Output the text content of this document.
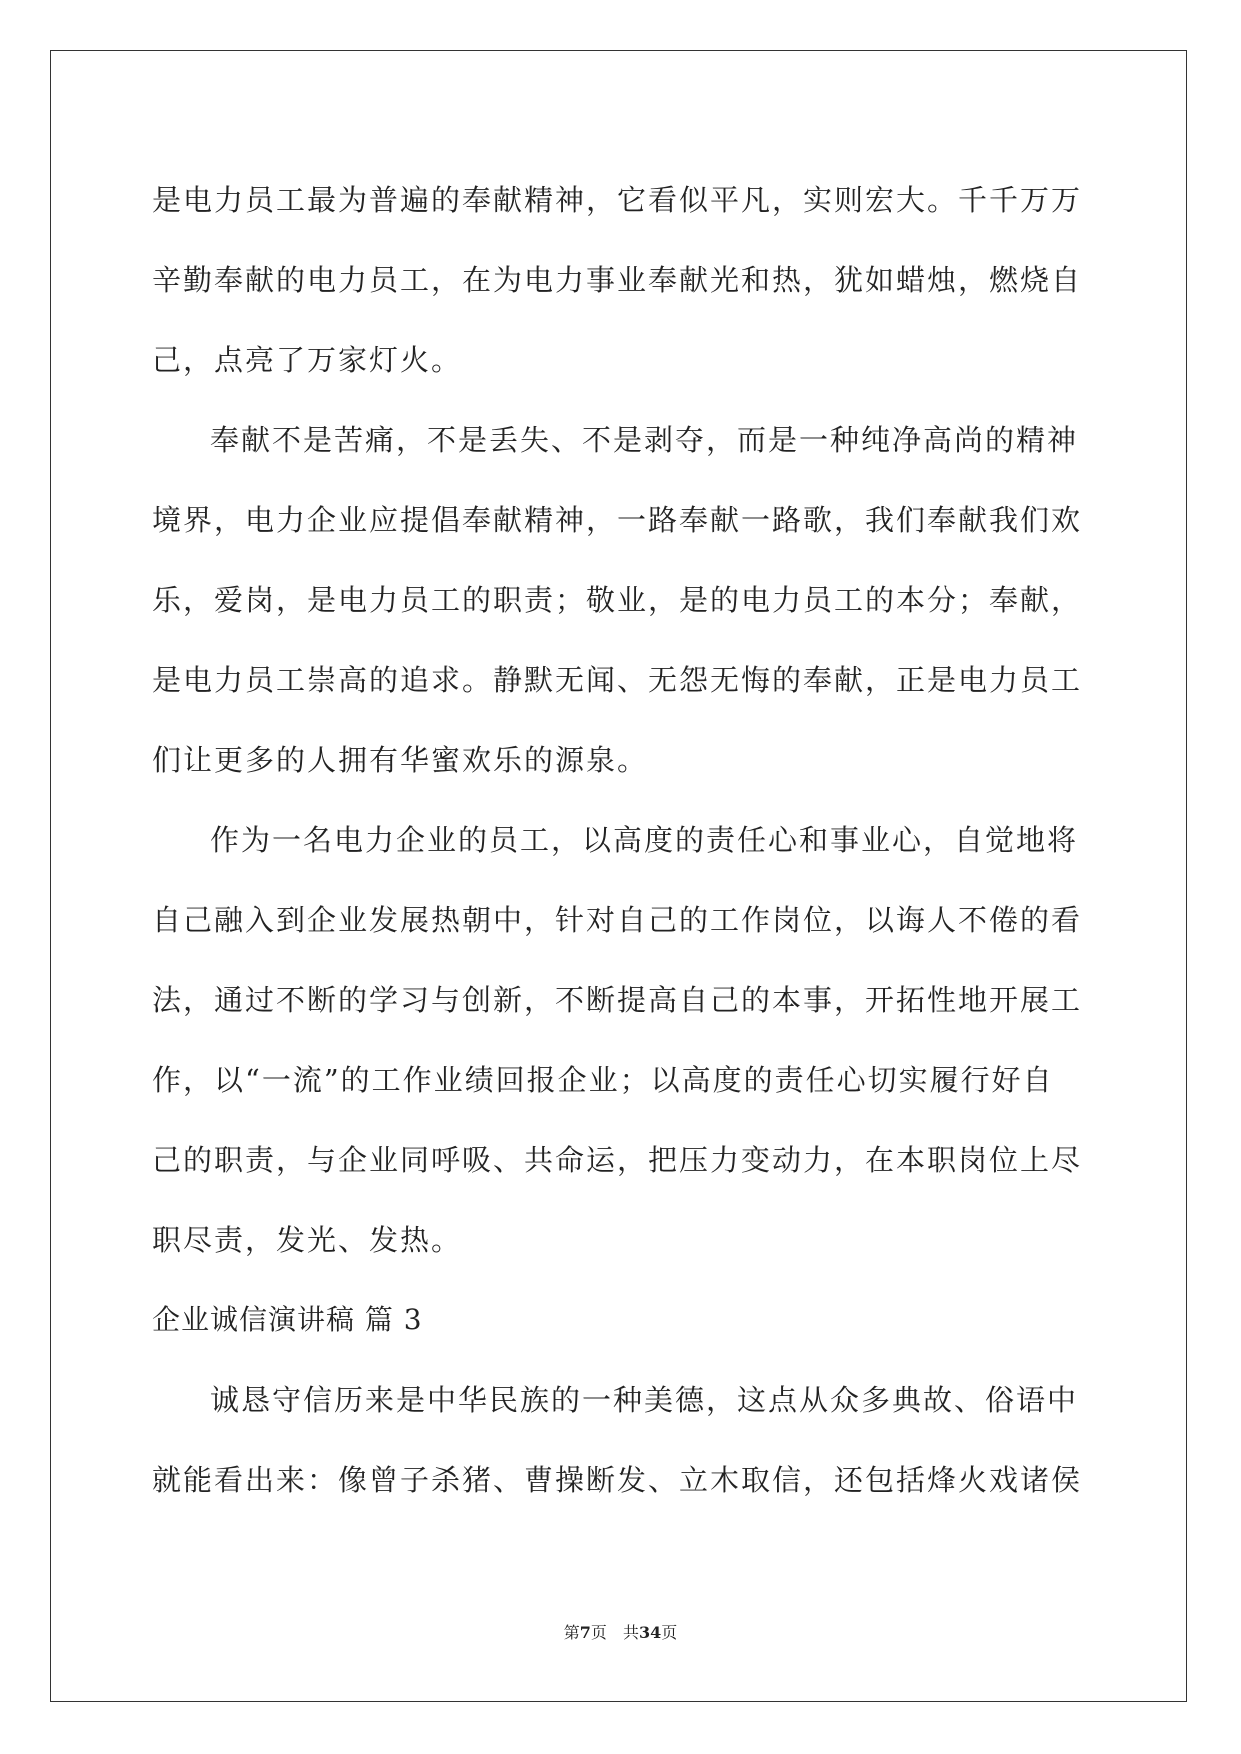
是电力员工最为普遍的奉献精神，它看似平凡，实则宏大。千千万万
辛勤奉献的电力员工，在为电力事业奉献光和热，犹如蜡烛，燃烧自
己，点亮了万家灯火。
奉献不是苦痛，不是丢失、不是剥夺，而是一种纯净高尚的精神
境界，电力企业应提倡奉献精神，一路奉献一路歌，我们奉献我们欢
乐，爱岗，是电力员工的职责；敬业，是的电力员工的本分；奉献，
是电力员工崇高的追求。静默无闻、无怨无悔的奉献，正是电力员工
们让更多的人拥有华蜜欢乐的源泉。
作为一名电力企业的员工，以高度的责任心和事业心，自觉地将
自己融入到企业发展热朝中，针对自己的工作岗位，以诲人不倦的看
法，通过不断的学习与创新，不断提高自己的本事，开拓性地开展工
作，以“一流”的工作业绩回报企业；以高度的责任心切实履行好自
己的职责，与企业同呼吸、共命运，把压力变动力，在本职岗位上尽
职尽责，发光、发热。
企业诚信演讲稿 篇 3
诚恳守信历来是中华民族的一种美德，这点从众多典故、俗语中
就能看出来：像曾子杀猪、曹操断发、立木取信，还包括烽火戏诸侯
第7页 共34页
